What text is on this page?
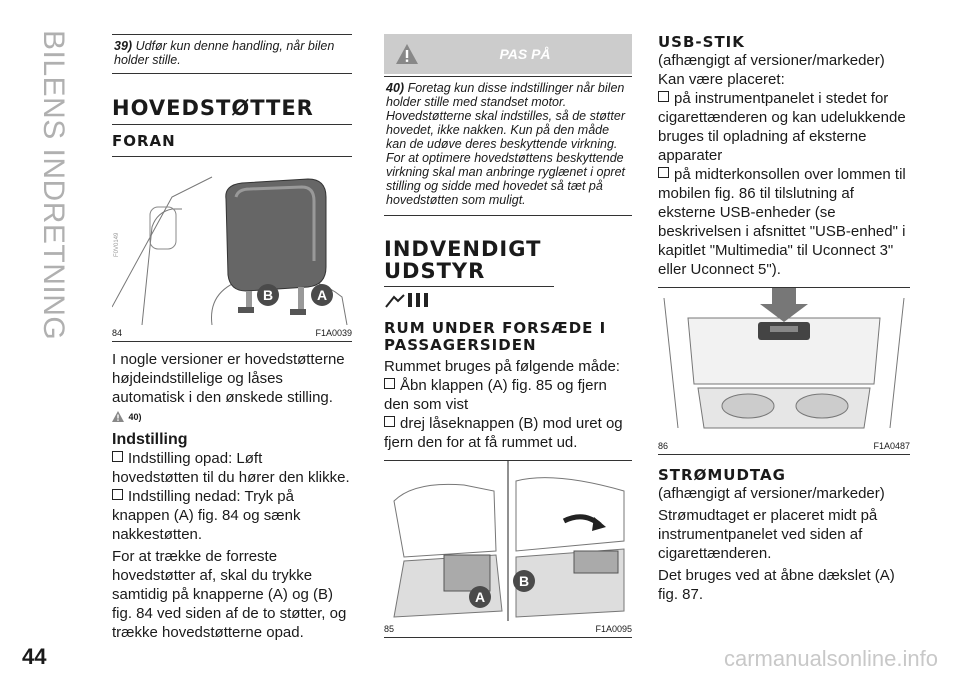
BILENS INDRETNING
44	carmanualsonline.info
39) Udfør kun denne handling, når bilen holder stille.
HOVEDSTØTTER
FORAN
B	A
F0V0149
84	F1A0039

I nogle versioner er hovedstøtterne højdeindstillelige og låses automatisk i den ønskede stilling.

40)
Indstilling

Indstilling opad: Løft hovedstøtten til du hører den klikke.

Indstilling nedad: Tryk på knappen (A) fig. 84 og sænk nakkestøtten.

For at trække de forreste hovedstøtter af, skal du trykke samtidig på knapperne (A) og (B) fig. 84 ved siden af de to støtter, og trække hovedstøtterne opad.

PAS PÅ
40) Foretag kun disse indstillinger når bilen holder stille med standset motor. Hovedstøtterne skal indstilles, så de støtter hovedet, ikke nakken. Kun på den måde kan de udøve deres beskyttende virkning. For at optimere hovedstøttens beskyttende virkning skal man anbringe ryglænet i opret stilling og sidde med hovedet så tæt på hovedstøtten som muligt.
INDVENDIGT UDSTYR
RUM UNDER FORSÆDE I PASSAGERSIDEN

Rummet bruges på følgende måde:

Åbn klappen (A) fig. 85 og fjern den som vist

drej låseknappen (B) mod uret og fjern den for at få rummet ud.

A
B
85	F1A0095
USB-STIK

(afhængigt af versioner/markeder)

Kan være placeret:

på instrumentpanelet i stedet for cigarettænderen og kan udelukkende bruges til opladning af eksterne apparater

på midterkonsollen over lommen til mobilen fig. 86 til tilslutning af eksterne USB-enheder (se beskrivelsen i afsnittet "USB-enhed" i kapitlet "Multimedia" til Uconnect 3" eller Uconnect 5").

86	F1A0487
STRØMUDTAG

(afhængigt af versioner/markeder)

Strømudtaget er placeret midt på instrumentpanelet ved siden af cigarettænderen.

Det bruges ved at åbne dækslet (A) fig. 87.
